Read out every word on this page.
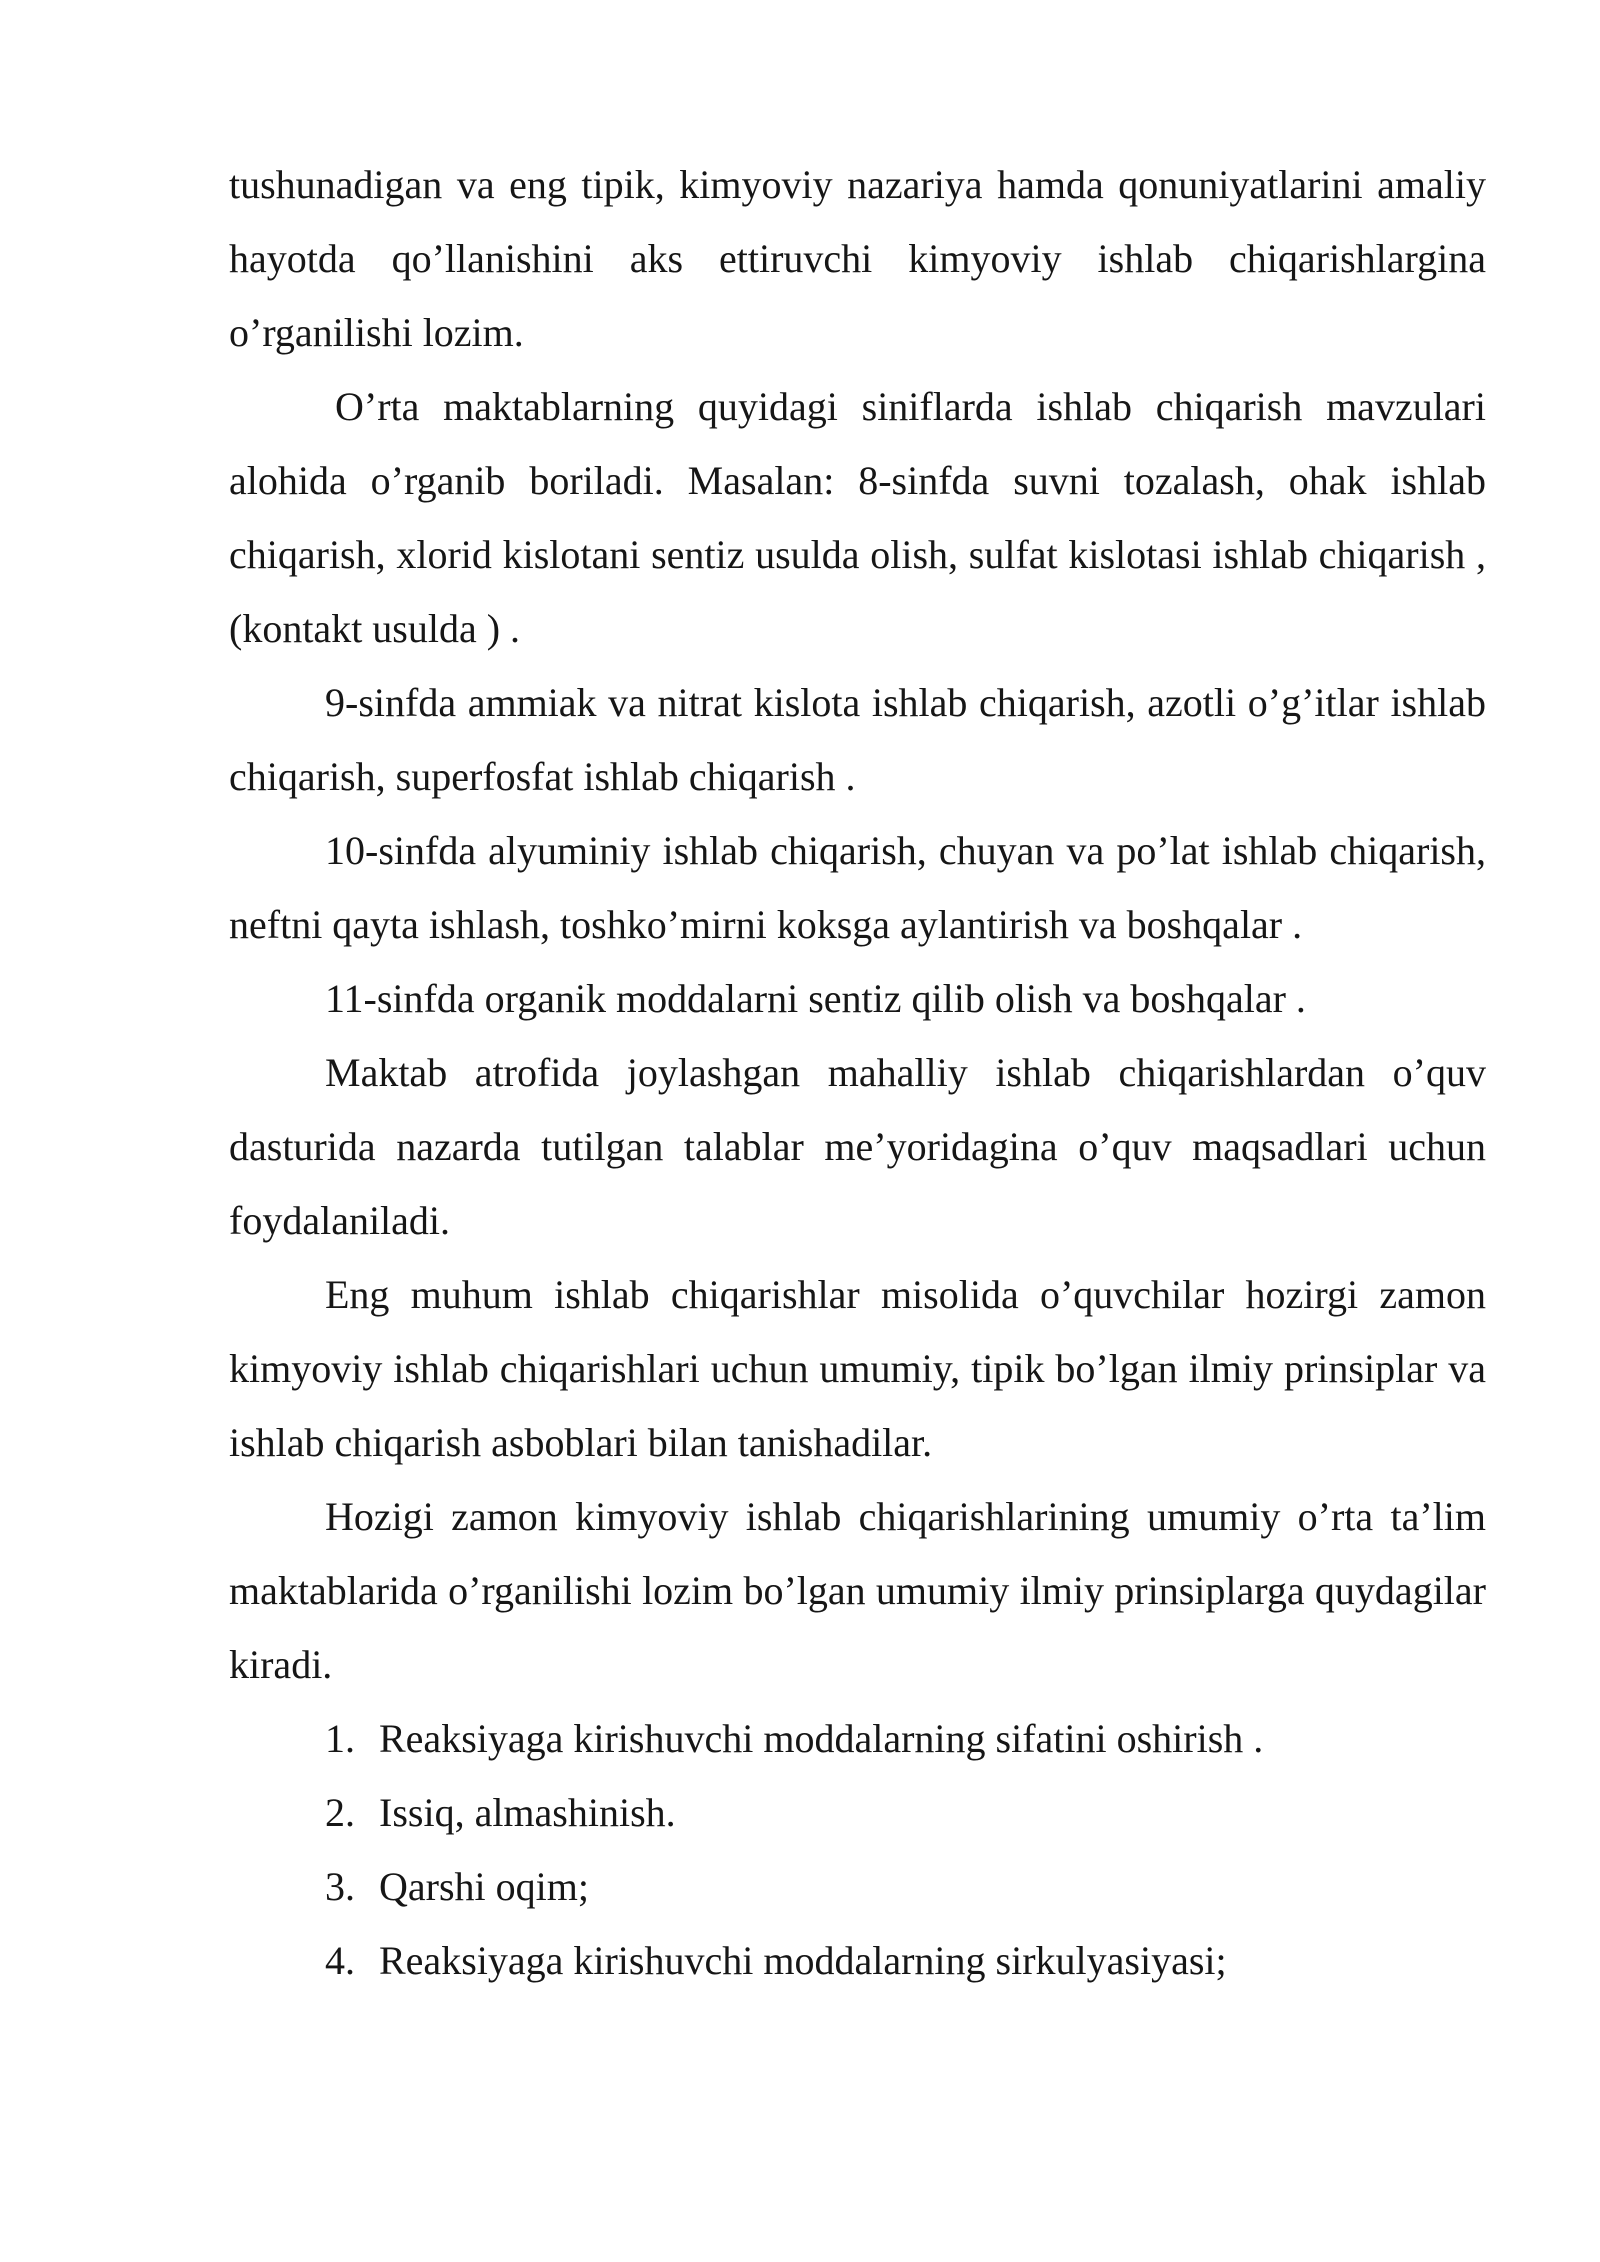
tushunadigan va eng tipik, kimyoviy nazariya hamda qonuniyatlarini amaliy hayotda qo’llanishini aks ettiruvchi kimyoviy ishlab chiqarishlargina o’rganilishi lozim.

O’rta maktablarning quyidagi siniflarda ishlab chiqarish mavzulari alohida o’rganib boriladi. Masalan: 8-sinfda suvni tozalash, ohak ishlab chiqarish, xlorid kislotani sentiz usulda olish, sulfat kislotasi ishlab chiqarish , (kontakt usulda ) .

9-sinfda ammiak va nitrat kislota ishlab chiqarish, azotli o’g’itlar ishlab chiqarish, superfosfat ishlab chiqarish .

10-sinfda alyuminiy ishlab chiqarish, chuyan va po’lat ishlab chiqarish, neftni qayta ishlash, toshko’mirni koksga aylantirish va boshqalar .

11-sinfda organik moddalarni sentiz qilib olish va boshqalar .

Maktab atrofida joylashgan mahalliy ishlab chiqarishlardan o’quv dasturida nazarda tutilgan talablar me’yoridagina o’quv maqsadlari uchun foydalaniladi.

Eng muhum ishlab chiqarishlar misolida o’quvchilar hozirgi zamon kimyoviy ishlab chiqarishlari uchun umumiy, tipik bo’lgan ilmiy prinsiplar va ishlab chiqarish asboblari bilan tanishadilar.

Hozigi zamon kimyoviy ishlab chiqarishlarining umumiy o’rta ta’lim maktablarida o’rganilishi lozim bo’lgan umumiy ilmiy prinsiplarga quydagilar kiradi.

1. Reaksiyaga kirishuvchi moddalarning sifatini oshirish .
2. Issiq, almashinish.
3. Qarshi oqim;
4. Reaksiyaga kirishuvchi moddalarning sirkulyasiyasi;
